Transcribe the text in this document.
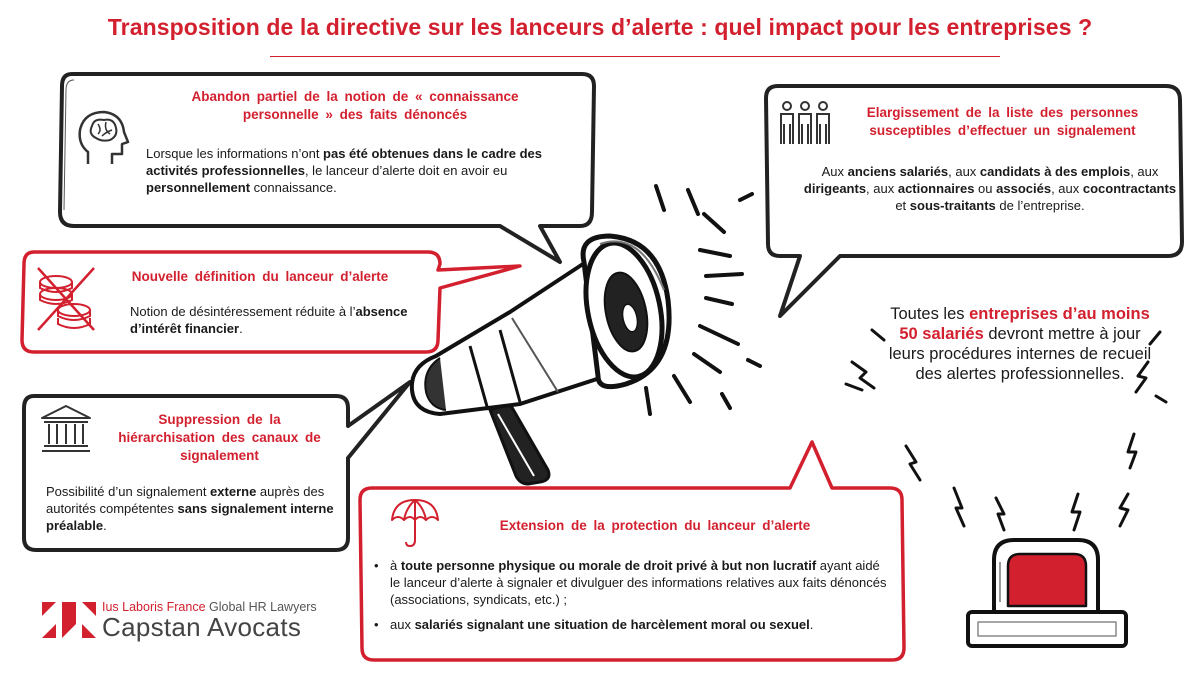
Transposition de la directive sur les lanceurs d’alerte : quel impact pour les entreprises ?
Abandon partiel de la notion de « connaissance personnelle » des faits dénoncés
Lorsque les informations n’ont pas été obtenues dans le cadre des activités professionnelles, le lanceur d’alerte doit en avoir eu personnellement connaissance.
Elargissement de la liste des personnes susceptibles d’effectuer un signalement
Aux anciens salariés, aux candidats à des emplois, aux dirigeants, aux actionnaires ou associés, aux cocontractants et sous-traitants de l’entreprise.
Nouvelle définition du lanceur d’alerte
Notion de désintéressement réduite à l’absence d’intérêt financier.
Suppression de la hiérarchisation des canaux de signalement
Possibilité d’un signalement externe auprès des autorités compétentes sans signalement interne préalable.	Extension de la protection du lanceur d’alerte
• à toute personne physique ou morale de droit privé à but non lucratif ayant aidé le lanceur d’alerte à signaler et divulguer des informations relatives aux faits dénoncés (associations, syndicats, etc.) ;
• aux salariés signalant une situation de harcèlement moral ou sexuel.
Toutes les entreprises d’au moins 50 salariés devront mettre à jour leurs procédures internes de recueil des alertes professionnelles.
Ius Laboris France Global HR Lawyers
Capstan Avocats
